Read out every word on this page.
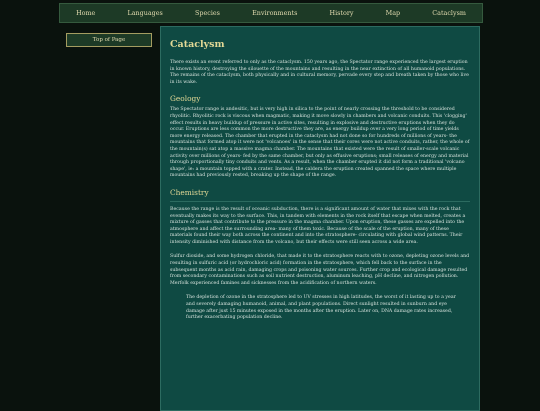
Home	Languages	Species	Environments	History	Map	Cataclysm
Top of Page	Cataclysm

There exists an event referred to only as the cataclysm. 150 years ago, the Spectator range experienced the largest eruption in known history, destroying the silouette of the mountains and resulting in the near extinction of all humanoid populations. The remains of the cataclysm, both physically and in cultural memory, pervade every step and breath taken by those who live in its wake.

Geology

The Spectator range is andesitic, but is very high in silica to the point of nearly crossing the threshold to be considered rhyolitic. Rhyolitic rock is viscous when magmatic, making it move slowly in chambers and volcanic conduits. This 'clogging' effect results in heavy buildup of pressure in active sites, resulting in explosive and destructive eruptions when they do occur. Eruptions are less common the more destructive they are, as energy buildup over a very long period of time yields more energy released. The chamber that erupted in the cataclysm had not done so for hundreds of millions of years- the mountains that formed atop it were not 'volcanoes' in the sense that their cores were not active conduits, rather, the whole of the mountain(s) sat atop a massive magma chamber. The mountains that existed were the result of smaller-scale volcanic activity over millions of years- fed by the same chamber, but only as effusive eruptions; small releases of energy and material through proportionally tiny conduits and vents. As a result, when the chamber erupted it did not form a traditional 'volcano shape', ie: a mountain topped with a crater. Instead, the caldera the eruption created spanned the space where multiple mountains had previously rested, breaking up the shape of the range.

Chemistry

Because the range is the result of oceanic subduction, there is a significant amount of water that mixes with the rock that eventually makes its way to the surface. This, in tandem with elements in the rock itself that escape when melted, creates a mixture of gasses that contribute to the pressure in the magma chamber. Upon eruption, these gasses are expelled into the atmosphere and affect the surrounding area- many of them toxic. Because of the scale of the eruption, many of these materials found their way both across the continent and into the stratosphere- circulating with global wind patterns. Their intensity diminished with distance from the volcano, but their effects were still seen across a wide area.

Sulfur dioxide, and some hydrogen chloride, that made it to the stratosphere reacts with to ozone, depleting ozone levels and resulting in sulfuric acid (or hydrochloric acid) formation in the stratosphere, which fell back to the surface in the subsequent months as acid rain, damaging crops and poisoning water sources. Further crop and ecological damage resulted from secondary contaminations such as soil nutrient destruction, aluminum leaching, pH decline, and nitrogen pollution. Merfolk experienced famines and sicknesses from the acidification of northern waters.

The depletion of ozone in the stratosphere led to UV stresses in high latitudes, the worst of it lasting up to a year and severely damaging humanoid, animal, and plant populations. Direct sunlight resulted in sunburn and eye damage after just 15 minutes exposed in the months after the eruption. Later on, DNA damage rates increased, further exacerbating population decline.
